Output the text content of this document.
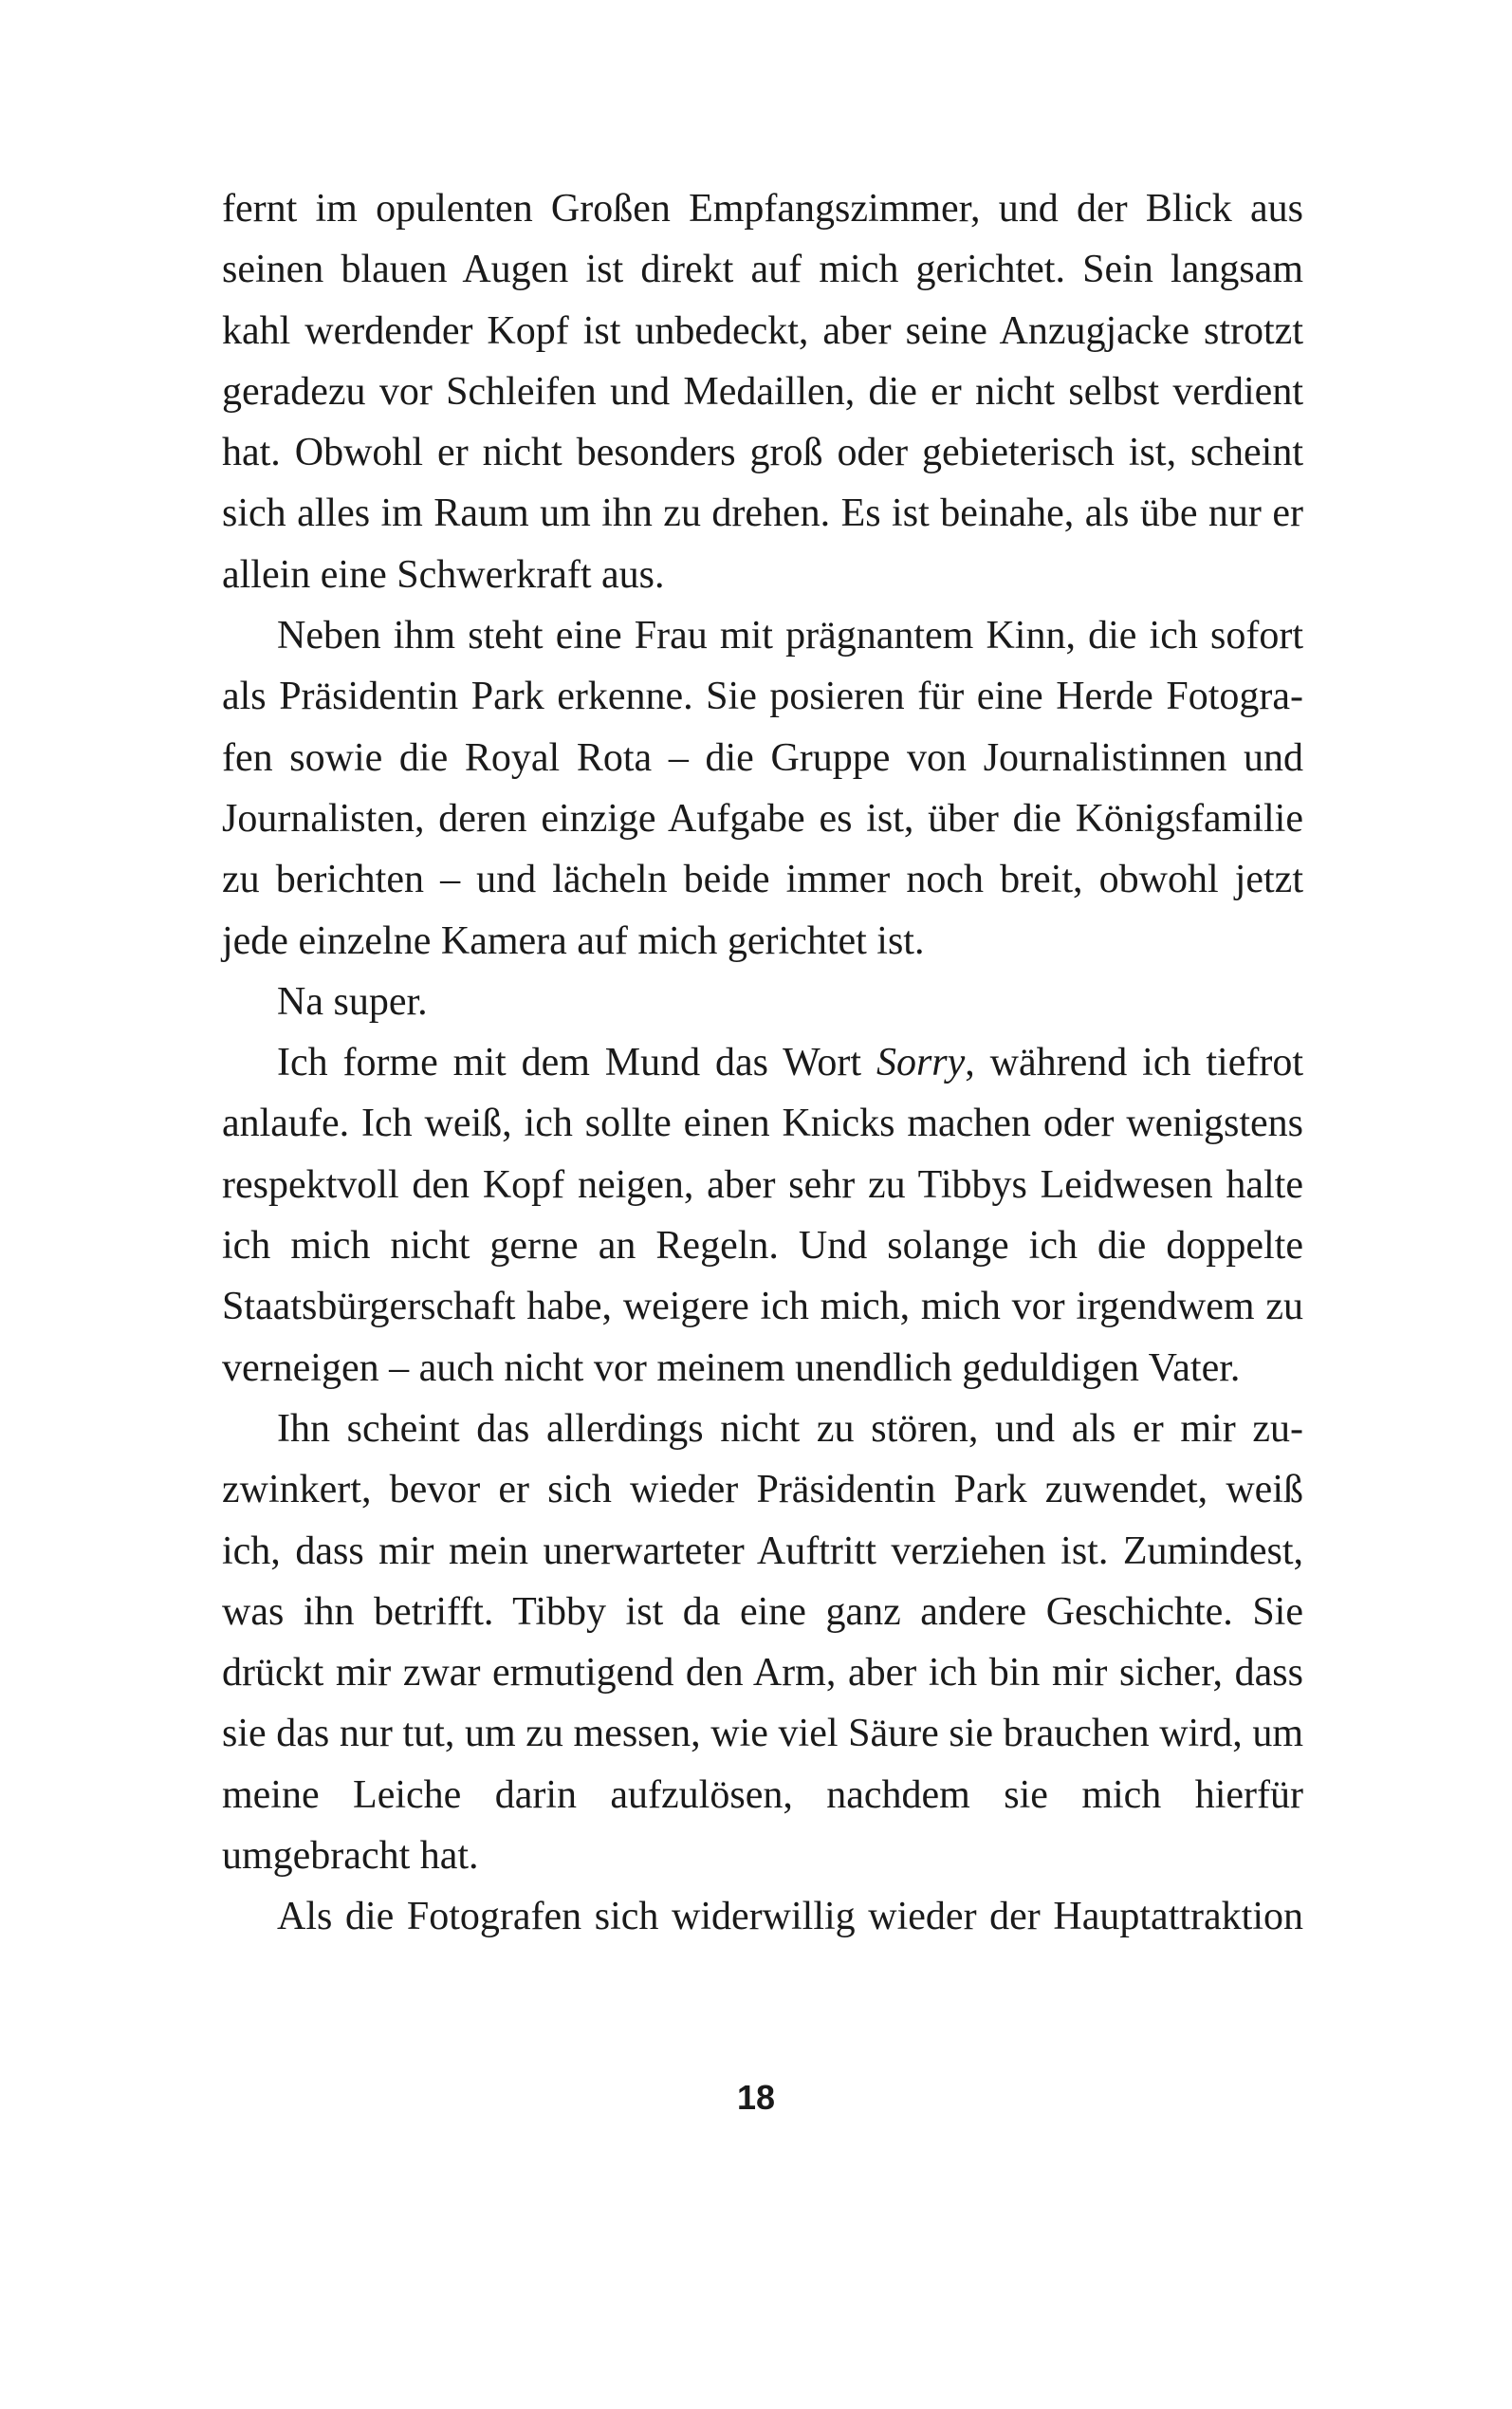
fernt im opulenten Großen Empfangszimmer, und der Blick aus seinen blauen Augen ist direkt auf mich gerichtet. Sein langsam kahl werdender Kopf ist unbedeckt, aber seine Anzugjacke strotzt geradezu vor Schleifen und Medaillen, die er nicht selbst verdient hat. Obwohl er nicht besonders groß oder gebieterisch ist, scheint sich alles im Raum um ihn zu drehen. Es ist beinahe, als übe nur er allein eine Schwerkraft aus.

Neben ihm steht eine Frau mit prägnantem Kinn, die ich sofort als Präsidentin Park erkenne. Sie posieren für eine Herde Fotografen sowie die Royal Rota – die Gruppe von Journalistinnen und Journalisten, deren einzige Aufgabe es ist, über die Königsfamilie zu berichten – und lächeln beide immer noch breit, obwohl jetzt jede einzelne Kamera auf mich gerichtet ist.

Na super.

Ich forme mit dem Mund das Wort Sorry, während ich tiefrot anlaufe. Ich weiß, ich sollte einen Knicks machen oder wenigstens respektvoll den Kopf neigen, aber sehr zu Tibbys Leidwesen halte ich mich nicht gerne an Regeln. Und solange ich die doppelte Staatsbürgerschaft habe, weigere ich mich, mich vor irgendwem zu verneigen – auch nicht vor meinem unendlich geduldigen Vater.

Ihn scheint das allerdings nicht zu stören, und als er mir zuzwinkert, bevor er sich wieder Präsidentin Park zuwendet, weiß ich, dass mir mein unerwarteter Auftritt verziehen ist. Zumindest, was ihn betrifft. Tibby ist da eine ganz andere Geschichte. Sie drückt mir zwar ermutigend den Arm, aber ich bin mir sicher, dass sie das nur tut, um zu messen, wie viel Säure sie brauchen wird, um meine Leiche darin aufzulösen, nachdem sie mich hierfür umgebracht hat.

Als die Fotografen sich widerwillig wieder der Hauptattraktion

18
